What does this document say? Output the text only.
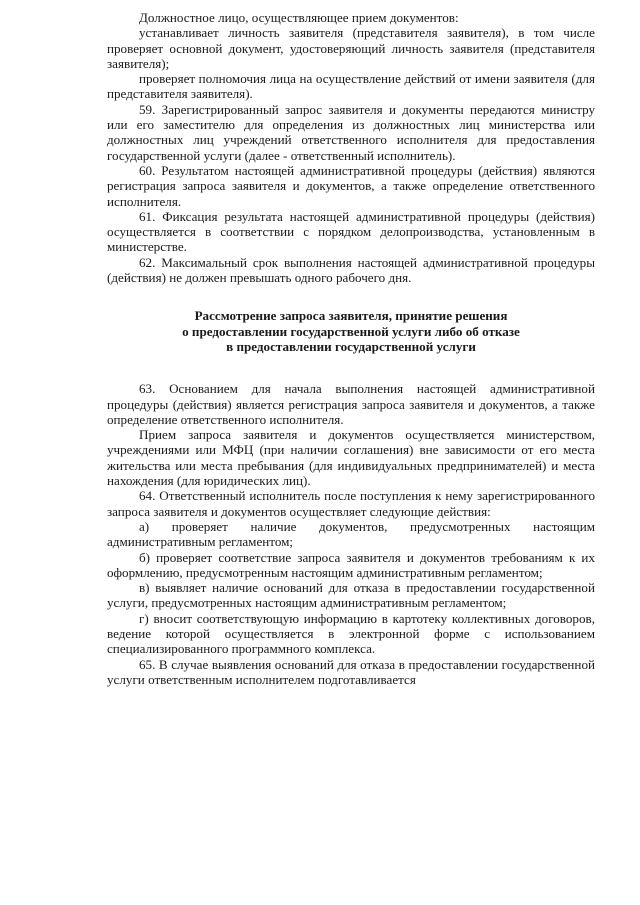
Должностное лицо, осуществляющее прием документов:

устанавливает личность заявителя (представителя заявителя), в том числе проверяет основной документ, удостоверяющий личность заявителя (представителя заявителя);

проверяет полномочия лица на осуществление действий от имени заявителя (для представителя заявителя).

59. Зарегистрированный запрос заявителя и документы передаются министру или его заместителю для определения из должностных лиц министерства или должностных лиц учреждений ответственного исполнителя для предоставления государственной услуги (далее - ответственный исполнитель).

60. Результатом настоящей административной процедуры (действия) являются регистрация запроса заявителя и документов, а также определение ответственного исполнителя.

61. Фиксация результата настоящей административной процедуры (действия) осуществляется в соответствии с порядком делопроизводства, установленным в министерстве.

62. Максимальный срок выполнения настоящей административной процедуры (действия) не должен превышать одного рабочего дня.

Рассмотрение запроса заявителя, принятие решения
о предоставлении государственной услуги либо об отказе
в предоставлении государственной услуги

63. Основанием для начала выполнения настоящей административной процедуры (действия) является регистрация запроса заявителя и документов, а также определение ответственного исполнителя.

Прием запроса заявителя и документов осуществляется министерством, учреждениями или МФЦ (при наличии соглашения) вне зависимости от его места жительства или места пребывания (для индивидуальных предпринимателей) и места нахождения (для юридических лиц).

64. Ответственный исполнитель после поступления к нему зарегистрированного запроса заявителя и документов осуществляет следующие действия:

а) проверяет наличие документов, предусмотренных настоящим административным регламентом;

б) проверяет соответствие запроса заявителя и документов требованиям к их оформлению, предусмотренным настоящим административным регламентом;

в) выявляет наличие оснований для отказа в предоставлении государственной услуги, предусмотренных настоящим административным регламентом;

г) вносит соответствующую информацию в картотеку коллективных договоров, ведение которой осуществляется в электронной форме с использованием специализированного программного комплекса.

65. В случае выявления оснований для отказа в предоставлении государственной услуги ответственным исполнителем подготавливается
